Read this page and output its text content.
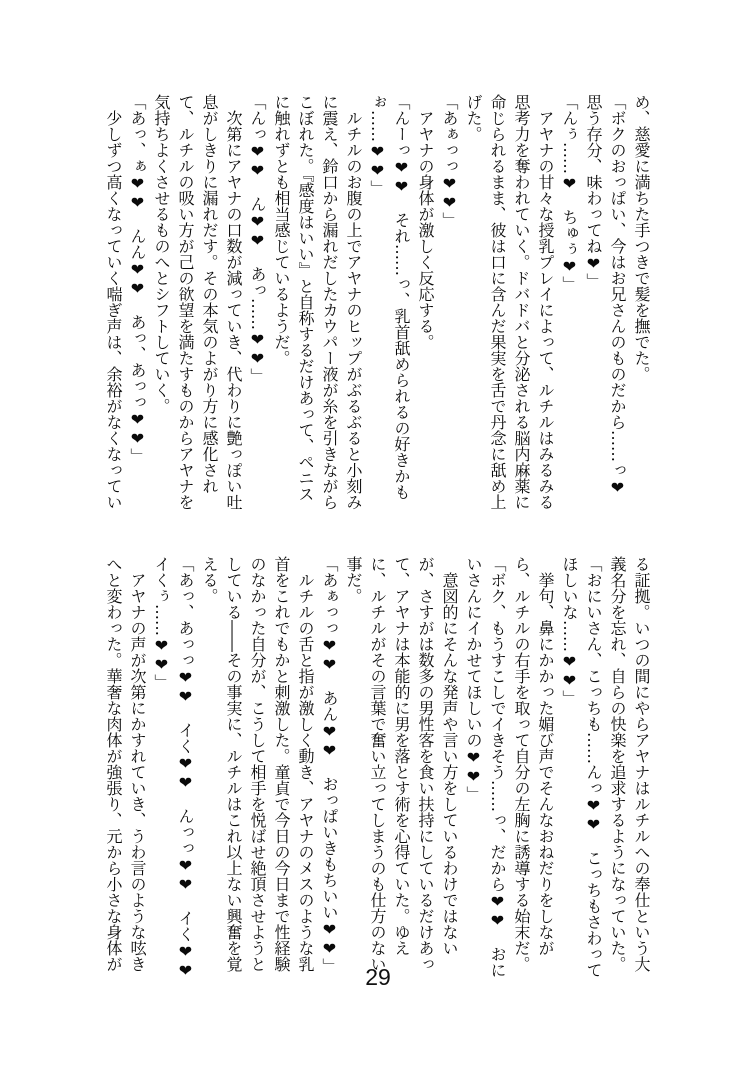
め、慈愛に満ちた手つきで髪を撫でた。
「ボクのおっぱい、今はお兄さんのものだから……っ❤
思う存分、味わってね❤」
「んぅ……❤　ちゅぅ❤」
アヤナの甘々な授乳プレイによって、ルチルはみるみる
思考力を奪われていく。ドバドバと分泌される脳内麻薬に
命じられるまま、彼は口に含んだ果実を舌で丹念に舐め上
げた。
「あぁっっ❤❤」
アヤナの身体が激しく反応する。
「んーっ❤❤　それ……っ、乳首舐められるの好きかも
ぉ……❤❤」
ルチルのお腹の上でアヤナのヒップがぶるぶると小刻み
に震え、鈴口から漏れだしたカウパー液が糸を引きながら
こぼれた。『感度はいい』と自称するだけあって、ペニス
に触れずとも相当感じているようだ。
「んっ❤❤　ん❤❤　あっ……❤❤」
次第にアヤナの口数が減っていき、代わりに艶っぽい吐
息がしきりに漏れだす。その本気のよがり方に感化され
て、ルチルの吸い方が己の欲望を満たすものからアヤナを
気持ちよくさせるものへとシフトしていく。
「あっ、ぁ❤❤　んん❤❤　あっ、あっっ❤❤」
少しずつ高くなっていく喘ぎ声は、余裕がなくなってい
る証拠。いつの間にやらアヤナはルチルへの奉仕という大
義名分を忘れ、自らの快楽を追求するようになっていた。
「おにいさん、こっちも……んっ❤❤　こっちもさわって
ほしいな……❤❤」
挙句、鼻にかかった媚び声でそんなおねだりをしなが
ら、ルチルの右手を取って自分の左胸に誘導する始末だ。
「ボク、もうすこしでイきそう……っ、だから❤❤　おに
いさんにイかせてほしいの❤❤」
意図的にそんな発声や言い方をしているわけではない
が、さすがは数多の男性客を食い扶持にしているだけあっ
て、アヤナは本能的に男を落とす術を心得ていた。ゆえ
に、ルチルがその言葉で奮い立ってしまうのも仕方のない
事だ。
「あぁっっ❤❤　あん❤❤　おっぱいきもちいい❤❤」
ルチルの舌と指が激しく動き、アヤナのメスのような乳
首をこれでもかと刺激した。童貞で今日の今日まで性経験
のなかった自分が、こうして相手を悦ばせ絶頂させようと
している――その事実に、ルチルはこれ以上ない興奮を覚
える。
「あっ、あっっ❤❤　イく❤❤　んっっ❤❤　イく❤❤
イくぅ……❤❤」
アヤナの声が次第にかすれていき、うわ言のような呟き
へと変わった。華奢な肉体が強張り、元から小さな身体が
29
